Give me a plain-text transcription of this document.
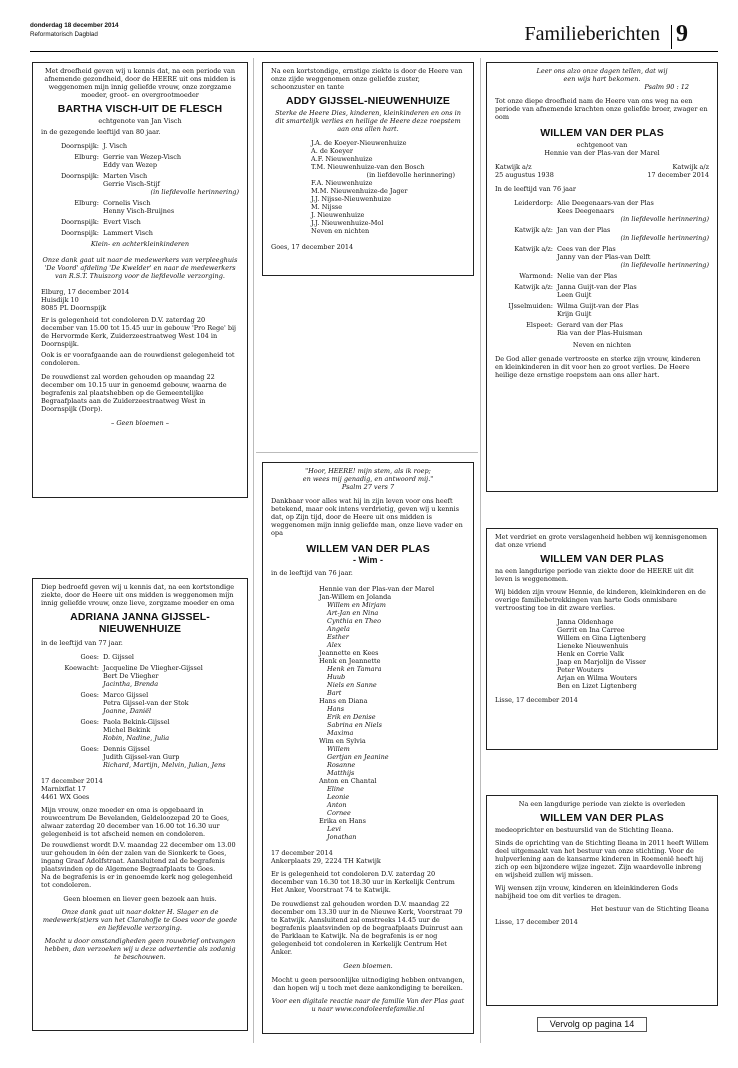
donderdag 18 december 2014
Reformatorisch Dagblad	Familieberichten 9

Met droefheid geven wij u kennis dat, na een periode van afnemende gezondheid, door de HEERE uit ons midden is weggenomen mijn innig geliefde vrouw, onze zorgzame moeder, groot- en overgrootmoeder

BARTHA VISCH-UIT DE FLESCH

echtgenote van Jan Visch

in de gezegende leeftijd van 80 jaar.

Doornspijk:	J. Visch
Elburg:	Gerrie van Wezep-Visch
Eddy van Wezep
Doornspijk:	Marten Visch
Gerrie Visch-Stijf
(in liefdevolle herinnering)
Elburg:	Cornelis Visch
Henny Visch-Bruijnes
Doornspijk:	Evert Visch
Doornspijk:	Lammert Visch

Klein- en achterkleinkinderen

Onze dank gaat uit naar de medewerkers van verpleeghuis 'De Voord' afdeling 'De Kwelder' en naar de medewerkers van R.S.T. Thuiszorg voor de liefdevolle verzorging.

Elburg, 17 december 2014
Huisdijk 10
8085 PL Doornspijk

Er is gelegenheid tot condoleren D.V. zaterdag 20 december van 15.00 tot 15.45 uur in gebouw 'Pro Rege' bij de Hervormde Kerk, Zuiderzeestraatweg West 104 in Doornspijk.

Ook is er voorafgaande aan de rouwdienst gelegenheid tot condoleren.

De rouwdienst zal worden gehouden op maandag 22 december om 10.15 uur in genoemd gebouw, waarna de begrafenis zal plaatshebben op de Gemeentelijke Begraafplaats aan de Zuiderzeestraatweg West in Doornspijk (Dorp).

– Geen bloemen –

Na een kortstondige, ernstige ziekte is door de Heere van onze zijde weggenomen onze geliefde zuster, schoonzuster en tante

ADDY GIJSSEL-NIEUWENHUIZE

Sterke de Heere Dies, kinderen, kleinkinderen en ons in dit smartelijk verlies en heilige de Heere deze roepstem aan ons allen hart.

J.A. de Koeyer-Nieuwenhuize
A. de Koeyer
A.F. Nieuwenhuize
T.M. Nieuwenhuize-van den Bosch
(in liefdevolle herinnering)
F.A. Nieuwenhuize
M.M. Nieuwenhuize-de Jager
J.J. Nijsse-Nieuwenhuize
M. Nijsse
J. Nieuwenhuize
J.J. Nieuwenhuize-Mol
Neven en nichten

Goes, 17 december 2014

Diep bedroefd geven wij u kennis dat, na een kortstondige ziekte, door de Heere uit ons midden is weggenomen mijn innig geliefde vrouw, onze lieve, zorgzame moeder en oma

ADRIANA JANNA GIJSSEL-
NIEUWENHUIZE

in de leeftijd van 77 jaar.

Goes:	D. Gijssel
Koewacht:	Jacqueline De Vliegher-Gijssel
Bert De Vliegher
Jacintha, Brenda
Goes:	Marco Gijssel
Petra Gijssel-van der Stok
Joanne, Daniël
Goes:	Paola Bekink-Gijssel
Michel Bekink
Robin, Nadine, Julia
Goes:	Dennis Gijssel
Judith Gijssel-van Gurp
Richard, Martijn, Melvin, Julian, Jens
17 december 2014
Marnixflat 17
4461 WX Goes

Mijn vrouw, onze moeder en oma is opgebaard in rouwcentrum De Bevelanden, Geldeloozepad 20 te Goes, alwaar zaterdag 20 december van 16.00 tot 16.30 uur gelegenheid is tot afscheid nemen en condoleren.

De rouwdienst wordt D.V. maandag 22 december om 13.00 uur gehouden in één der zalen van de Sionkerk te Goes, ingang Graaf Adolfstraat. Aansluitend zal de begrafenis plaatsvinden op de Algemene Begraafplaats te Goes.

Na de begrafenis is er in genoemde kerk nog gelegenheid tot condoleren.

Geen bloemen en liever geen bezoek aan huis.

Onze dank gaat uit naar dokter H. Slager en de medewerk(st)ers van het Clarahofje te Goes voor de goede en liefdevolle verzorging.

Mocht u door omstandigheden geen rouwbrief ontvangen hebben, dan verzoeken wij u deze advertentie als zodanig te beschouwen.

"Hoor, HEERE! mijn stem, als ik roep;
en wees mij genadig, en antwoord mij."
Psalm 27 vers 7

Dankbaar voor alles wat hij in zijn leven voor ons heeft betekend, maar ook intens verdrietig, geven wij u kennis dat, op Zijn tijd, door de Heere uit ons midden is weggenomen mijn innig geliefde man, onze lieve vader en opa

WILLEM VAN DER PLAS
- Wim -

in de leeftijd van 76 jaar.

Hennie van der Plas-van der Marel
Jan-Willem en Jolanda
Willem en Mirjam
Art-Jan en Nina
Cynthia en Theo
Angela
Esther
Alex
Jeannette en Kees
Henk en Jeannette
Henk en Tamara
Huub
Niels en Sanne
Bart
Hans en Diana
Hans
Erik en Denise
Sabrina en Niels
Maxima
Wim en Sylvia
Willem
Gertjan en Jeanine
Rosanne
Matthijs
Anton en Chantal
Eline
Leonie
Anton
Cornee
Erika en Hans
Levi
Jonathan
17 december 2014
Ankerplaats 29, 2224 TH Katwijk

Er is gelegenheid tot condoleren D.V. zaterdag 20 december van 16.30 tot 18.30 uur in Kerkelijk Centrum Het Anker, Voorstraat 74 te Katwijk.

De rouwdienst zal gehouden worden D.V. maandag 22 december om 13.30 uur in de Nieuwe Kerk, Voorstraat 79 te Katwijk. Aansluitend zal omstreeks 14.45 uur de begrafenis plaatsvinden op de begraafplaats Duinrust aan de Parklaan te Katwijk. Na de begrafenis is er nog gelegenheid tot condoleren in Kerkelijk Centrum Het Anker.

Geen bloemen.

Mocht u geen persoonlijke uitnodiging hebben ontvangen, dan hopen wij u toch met deze aankondiging te bereiken.

Voor een digitale reactie naar de familie Van der Plas gaat u naar www.condoleerdefamilie.nl

Leer ons alzo onze dagen tellen, dat wij
een wijs hart bekomen.
Psalm 90 : 12

Tot onze diepe droefheid nam de Heere van ons weg na een periode van afnemende krachten onze geliefde broer, zwager en oom

WILLEM VAN DER PLAS
echtgenoot van
Hennie van der Plas-van der Marel
Katwijk a/z
25 augustus 1938
Katwijk a/z
17 december 2014

In de leeftijd van 76 jaar

Leiderdorp:	Alie Deegenaars-van der Plas
Kees Deegenaars
(in liefdevolle herinnering)
Katwijk a/z:	Jan van der Plas
(in liefdevolle herinnering)
Katwijk a/z:	Cees van der Plas
Janny van der Plas-van Delft
(in liefdevolle herinnering)
Warmond:	Nelie van der Plas
Katwijk a/z:	Janna Guijt-van der Plas
Leen Guijt
IJsselmuiden:	Wilma Guijt-van der Plas
Krijn Guijt
Elspeet:	Gerard van der Plas
Ria van der Plas-Huisman

Neven en nichten

De God aller genade vertrooste en sterke zijn vrouw, kinderen en kleinkinderen in dit voor hen zo groot verlies. De Heere heilige deze ernstige roepstem aan ons aller hart.

Met verdriet en grote verslagenheid hebben wij kennisgenomen dat onze vriend

WILLEM VAN DER PLAS

na een langdurige periode van ziekte door de HEERE uit dit leven is weggenomen.

Wij bidden zijn vrouw Hennie, de kinderen, kleinkinderen en de overige familiebetrekkingen van harte Gods onmisbare vertroosting toe in dit zware verlies.

Janna Oldenhage
Gerrit en Ina Carree
Willem en Gina Ligtenberg
Lieneke Nieuwenhuis
Henk en Corrie Valk
Jaap en Marjolijn de Visser
Peter Wouters
Arjan en Wilma Wouters
Ben en Lizet Ligtenberg

Lisse, 17 december 2014

Na een langdurige periode van ziekte is overleden

WILLEM VAN DER PLAS

medeoprichter en bestuurslid van de Stichting Ileana.

Sinds de oprichting van de Stichting Ileana in 2011 heeft Willem deel uitgemaakt van het bestuur van onze stichting. Voor de hulpverlening aan de kansarme kinderen in Roemenië heeft hij zich op een bijzondere wijze ingezet. Zijn waardevolle inbreng en wijsheid zullen wij missen.

Wij wensen zijn vrouw, kinderen en kleinkinderen Gods nabijheid toe om dit verlies te dragen.

Het bestuur van de Stichting Ileana

Lisse, 17 december 2014

Vervolg op pagina 14
